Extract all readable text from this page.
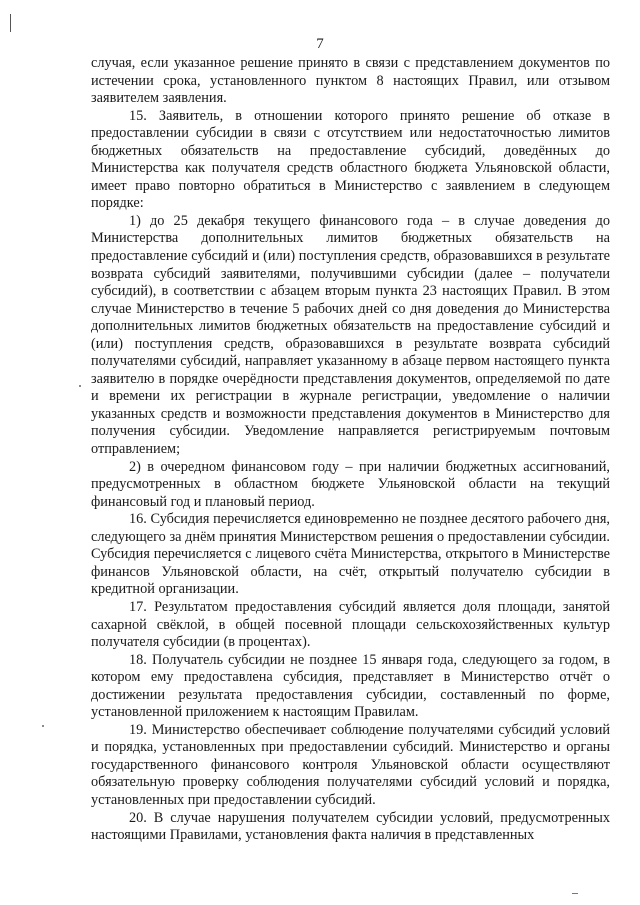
7

случая, если указанное решение принято в связи с представлением документов по истечении срока, установленного пунктом 8 настоящих Правил, или отзывом заявителем заявления.

15. Заявитель, в отношении которого принято решение об отказе в предоставлении субсидии в связи с отсутствием или недостаточностью лимитов бюджетных обязательств на предоставление субсидий, доведённых до Министерства как получателя средств областного бюджета Ульяновской области, имеет право повторно обратиться в Министерство с заявлением в следующем порядке:

1) до 25 декабря текущего финансового года – в случае доведения до Министерства дополнительных лимитов бюджетных обязательств на предоставление субсидий и (или) поступления средств, образовавшихся в результате возврата субсидий заявителями, получившими субсидии (далее – получатели субсидий), в соответствии с абзацем вторым пункта 23 настоящих Правил. В этом случае Министерство в течение 5 рабочих дней со дня доведения до Министерства дополнительных лимитов бюджетных обязательств на предоставление субсидий и (или) поступления средств, образовавшихся в результате возврата субсидий получателями субсидий, направляет указанному в абзаце первом настоящего пункта заявителю в порядке очерёдности представления документов, определяемой по дате и времени их регистрации в журнале регистрации, уведомление о наличии указанных средств и возможности представления документов в Министерство для получения субсидии. Уведомление направляется регистрируемым почтовым отправлением;

2) в очередном финансовом году – при наличии бюджетных ассигнований, предусмотренных в областном бюджете Ульяновской области на текущий финансовый год и плановый период.

16. Субсидия перечисляется единовременно не позднее десятого рабочего дня, следующего за днём принятия Министерством решения о предоставлении субсидии. Субсидия перечисляется с лицевого счёта Министерства, открытого в Министерстве финансов Ульяновской области, на счёт, открытый получателю субсидии в кредитной организации.

17. Результатом предоставления субсидий является доля площади, занятой сахарной свёклой, в общей посевной площади сельскохозяйственных культур получателя субсидии (в процентах).

18. Получатель субсидии не позднее 15 января года, следующего за годом, в котором ему предоставлена субсидия, представляет в Министерство отчёт о достижении результата предоставления субсидии, составленный по форме, установленной приложением к настоящим Правилам.

19. Министерство обеспечивает соблюдение получателями субсидий условий и порядка, установленных при предоставлении субсидий. Министерство и органы государственного финансового контроля Ульяновской области осуществляют обязательную проверку соблюдения получателями субсидий условий и порядка, установленных при предоставлении субсидий.

20. В случае нарушения получателем субсидии условий, предусмотренных настоящими Правилами, установления факта наличия в представленных
